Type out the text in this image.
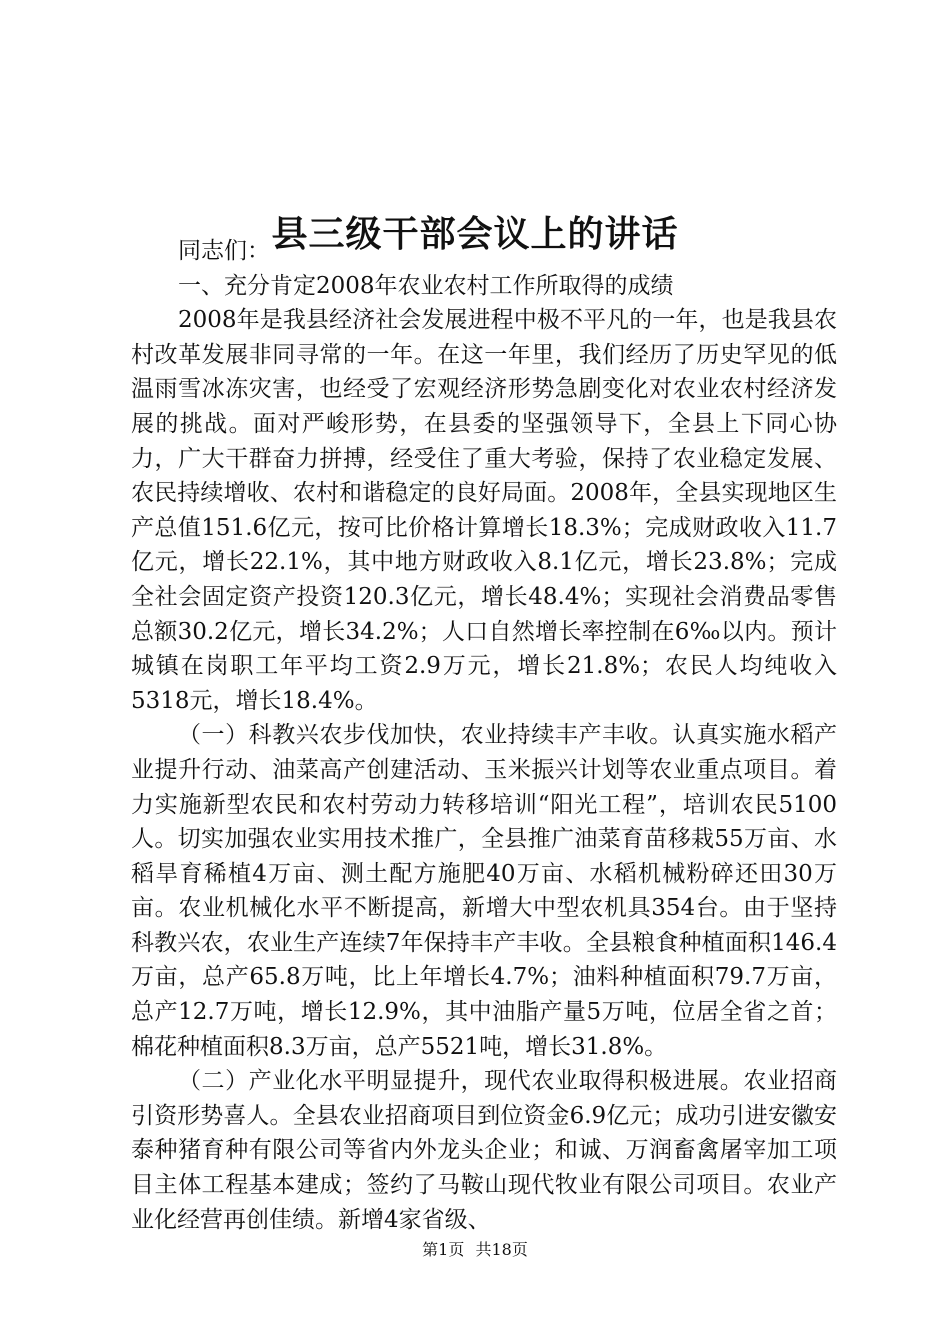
县三级干部会议上的讲话

同志们：

一、充分肯定2008年农业农村工作所取得的成绩

2008年是我县经济社会发展进程中极不平凡的一年，也是我县农村改革发展非同寻常的一年。在这一年里，我们经历了历史罕见的低温雨雪冰冻灾害，也经受了宏观经济形势急剧变化对农业农村经济发展的挑战。面对严峻形势，在县委的坚强领导下，全县上下同心协力，广大干群奋力拼搏，经受住了重大考验，保持了农业稳定发展、农民持续增收、农村和谐稳定的良好局面。2008年，全县实现地区生产总值151.6亿元，按可比价格计算增长18.3%；完成财政收入11.7亿元，增长22.1%，其中地方财政收入8.1亿元，增长23.8%；完成全社会固定资产投资120.3亿元，增长48.4%；实现社会消费品零售总额30.2亿元，增长34.2%；人口自然增长率控制在6‰以内。预计城镇在岗职工年平均工资2.9万元，增长21.8%；农民人均纯收入5318元，增长18.4%。

（一）科教兴农步伐加快，农业持续丰产丰收。认真实施水稻产业提升行动、油菜高产创建活动、玉米振兴计划等农业重点项目。着力实施新型农民和农村劳动力转移培训“阳光工程”，培训农民5100人。切实加强农业实用技术推广，全县推广油菜育苗移栽55万亩、水稻旱育稀植4万亩、测土配方施肥40万亩、水稻机械粉碎还田30万亩。农业机械化水平不断提高，新增大中型农机具354台。由于坚持科教兴农，农业生产连续7年保持丰产丰收。全县粮食种植面积146.4万亩，总产65.8万吨，比上年增长4.7%；油料种植面积79.7万亩，总产12.7万吨，增长12.9%，其中油脂产量5万吨，位居全省之首；棉花种植面积8.3万亩，总产5521吨，增长31.8%。

（二）产业化水平明显提升，现代农业取得积极进展。农业招商引资形势喜人。全县农业招商项目到位资金6.9亿元；成功引进安徽安泰种猪育种有限公司等省内外龙头企业；和诚、万润畜禽屠宰加工项目主体工程基本建成；签约了马鞍山现代牧业有限公司项目。农业产业化经营再创佳绩。新增4家省级、

第1页 共18页
